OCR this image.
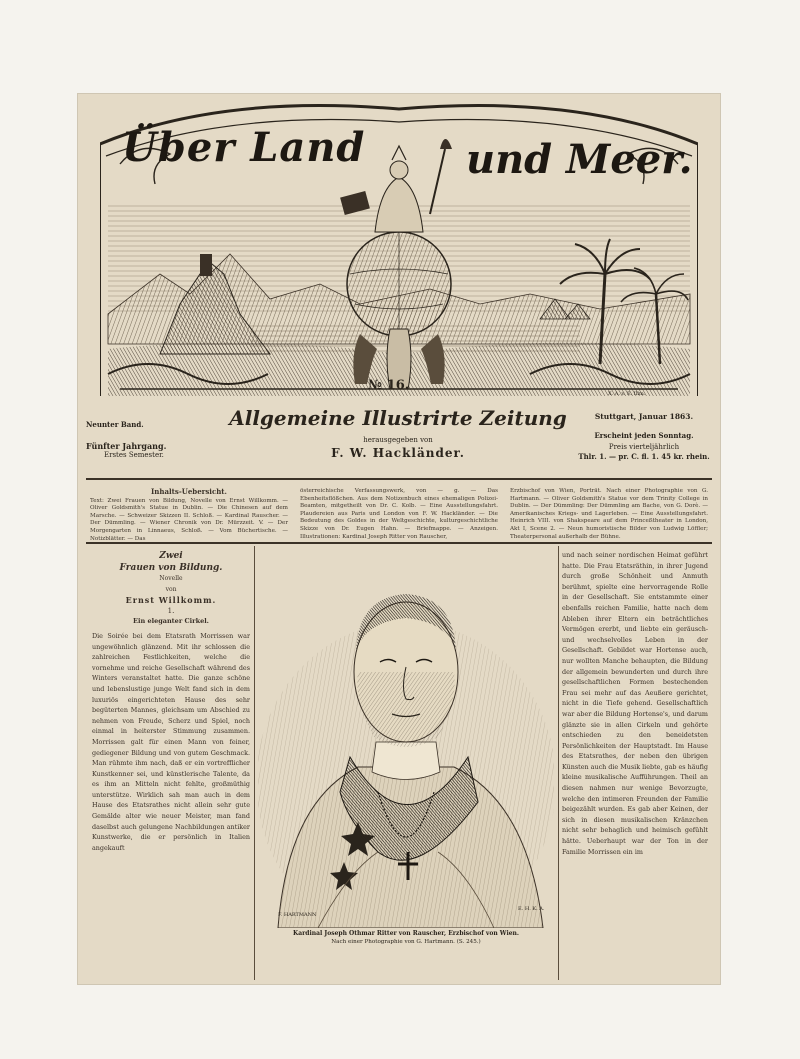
Über Land	und Meer.
№ 16.
X. A. v. E. Illm.
Allgemeine Illustrirte Zeitung
herausgegeben von
F. W. Hackländer.
Neunter Band.
Fünfter Jahrgang.
Erstes Semester.
Stuttgart, Januar 1863.
Erscheint jeden Sonntag.
Preis vierteljährlich
Thlr. 1. — pr. C. fl. 1. 45 kr. rhein.
Inhalts-Uebersicht.
Text: Zwei Frauen von Bildung, Novelle von Ernst Willkomm. — Oliver Goldsmith's Statue in Dublin. — Die Chinesen auf dem Marsche. — Schweizer Skizzen II. Schloß. — Kardinal Rauscher. — Der Dümmling. — Wiener Chronik von Dr. Mürzzeit. V. — Der Morgengarten in Linnaeus, Schloß. — Vom Büchertische. — Notizblätter. — Das
österreichische Verfassungswerk, von — g. — Das Ebenheitsflößchen. Aus dem Notizenbuch eines ehemaligen Polizei-Beamten, mitgetheilt von Dr. C. Kolb. — Eine Ausstellungsfahrt. Plaudereien aus Paris und London von F. W. Hackländer. — Die Bedeutung des Goldes in der Weltgeschichte, kulturgeschichtliche Skizze von Dr. Eugen Hahn. — Briefmappe. — Anzeigen. Illustrationen: Kardinal Joseph Ritter von Rauscher,
Erzbischof von Wien, Porträt. Nach einer Photographie von G. Hartmann. — Oliver Goldsmith's Statue vor dem Trinity College in Dublin. — Der Dümmling: Der Dümmling am Bache, von G. Dorè. — Amerikanisches Kriegs- und Lagerleben. — Eine Ausstellungsfahrt. Heinrich VIII. von Shakspeare auf dem Princeßtheater in London, Akt I, Scene 2. — Neun humoristische Bilder von Ludwig Löffler; Theaterpersonal außerhalb der Bühne.
Zwei
Frauen von Bildung.
Novelle
von
Ernst Willkomm.
1.
Ein eleganter Cirkel.
Die Soirée bei dem Etatsrath Morrissen war ungewöhnlich glänzend. Mit ihr schlossen die zahlreichen Festlichkeiten, welche die vornehme und reiche Gesellschaft während des Winters veranstaltet hatte. Die ganze schöne und lebenslustige junge Welt fand sich in dem luxuriös eingerichteten Hause des sehr begüterten Mannes, gleichsam um Abschied zu nehmen von Freude, Scherz und Spiel, noch einmal in heiterster Stimmung zusammen. Morrissen galt für einen Mann von feiner, gediegener Bildung und von gutem Geschmack. Man rühmte ihm nach, daß er ein vortrefflicher Kunstkenner sei, und künstlerische Talente, da es ihm an Mitteln nicht fehlte, großmüthig unterstütze. Wirklich sah man auch in dem Hause des Etatsrathes nicht allein sehr gute Gemälde alter wie neuer Meister, man fand daselbst auch gelungene Nachbildungen antiker Kunstwerke, die er persönlich in Italien angekauft
F. HARTMANN
E. H. K. A.
Kardinal Joseph Othmar Ritter von Rauscher, Erzbischof von Wien.
Nach einer Photographie von G. Hartmann. (S. 245.)
und nach seiner nordischen Heimat geführt hatte. Die Frau Etatsräthin, in ihrer Jugend durch große Schönheit und Anmuth berühmt, spielte eine hervorragende Rolle in der Gesellschaft. Sie entstammte einer ebenfalls reichen Familie, hatte nach dem Ableben ihrer Eltern ein beträchtliches Vermögen ererbt, und liebte ein geräusch- und wechselvolles Leben in der Gesellschaft. Gebildet war Hortense auch, nur wollten Manche behaupten, die Bildung der allgemein bewunderten und durch ihre gesellschaftlichen Formen bestechenden Frau sei mehr auf das Aeußere gerichtet, nicht in die Tiefe gehend. Gesellschaftlich war aber die Bildung Hortense's, und darum glänzte sie in allen Cirkeln und gehörte entschieden zu den beneidetsten Persönlichkeiten der Hauptstadt. Im Hause des Etatsrathes, der neben den übrigen Künsten auch die Musik liebte, gab es häufig kleine musikalische Aufführungen. Theil an diesen nahmen nur wenige Bevorzugte, welche den intimeren Freunden der Familie beigezählt wurden. Es gab aber Keinen, der sich in diesen musikalischen Kränzchen nicht sehr behaglich und heimisch gefühlt hätte. Ueberhaupt war der Ton in der Familie Morrissen ein im
